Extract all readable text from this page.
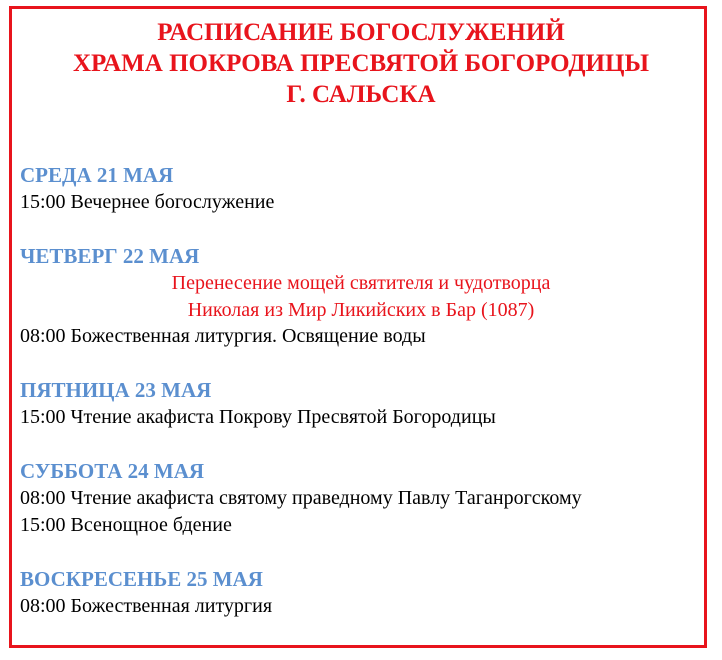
РАСПИСАНИЕ БОГОСЛУЖЕНИЙ
ХРАМА ПОКРОВА ПРЕСВЯТОЙ БОГОРОДИЦЫ
Г. САЛЬСКА
СРЕДА 21 МАЯ
15:00 Вечернее богослужение
ЧЕТВЕРГ 22 МАЯ
Перенесение мощей святителя и чудотворца
Николая из Мир Ликийских в Бар (1087)
08:00 Божественная литургия. Освящение воды
ПЯТНИЦА 23 МАЯ
15:00 Чтение акафиста Покрову Пресвятой Богородицы
СУББОТА 24 МАЯ
08:00 Чтение акафиста святому праведному Павлу Таганрогскому
15:00 Всенощное бдение
ВОСКРЕСЕНЬЕ 25 МАЯ
08:00 Божественная литургия
